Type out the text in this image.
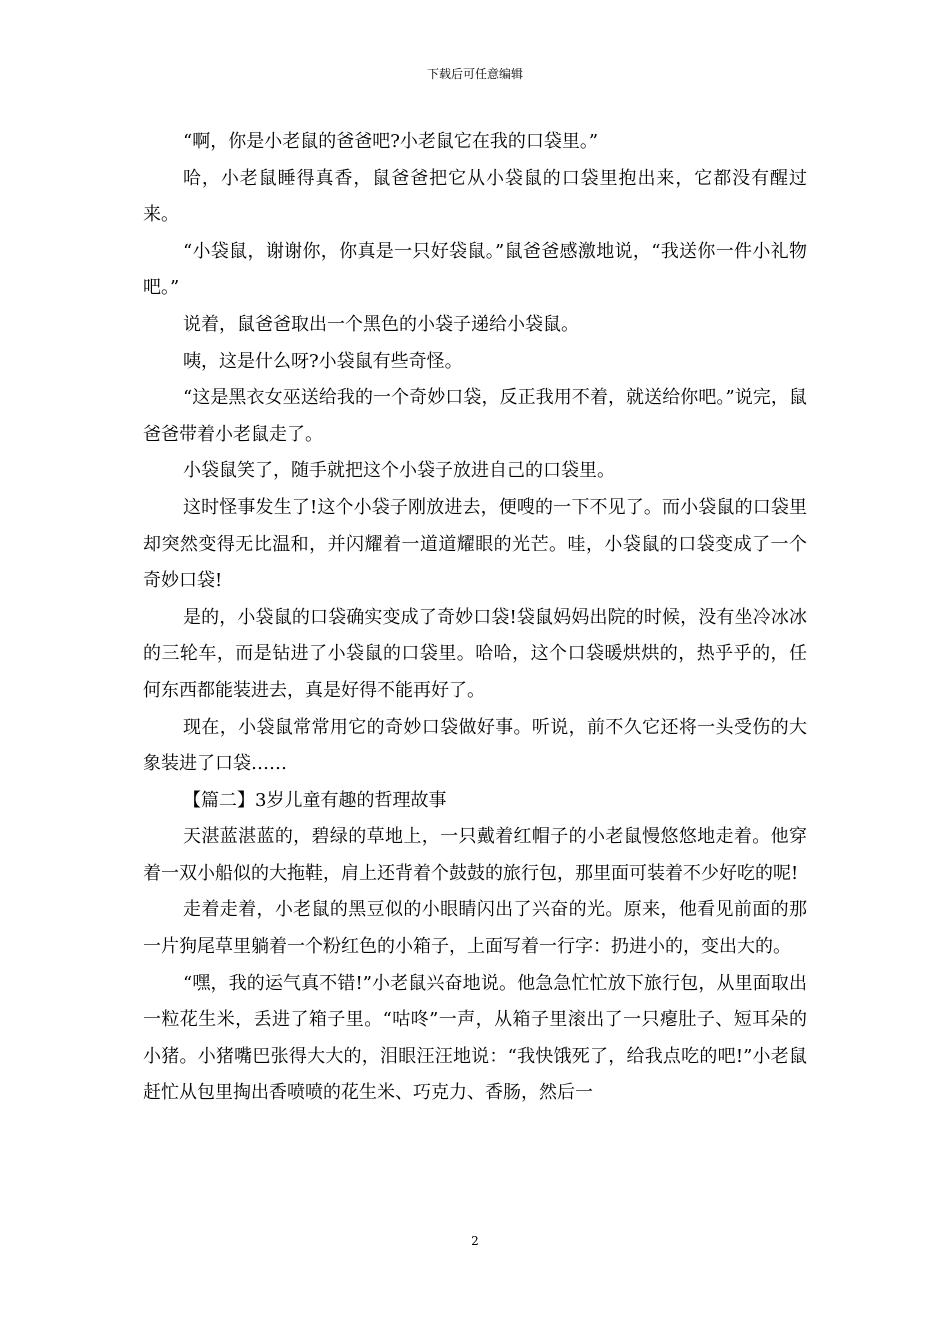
下载后可任意编辑

“啊，你是小老鼠的爸爸吧?小老鼠它在我的口袋里。”

哈，小老鼠睡得真香，鼠爸爸把它从小袋鼠的口袋里抱出来，它都没有醒过来。

“小袋鼠，谢谢你，你真是一只好袋鼠。”鼠爸爸感激地说，“我送你一件小礼物吧。”

说着，鼠爸爸取出一个黑色的小袋子递给小袋鼠。

咦，这是什么呀?小袋鼠有些奇怪。

“这是黑衣女巫送给我的一个奇妙口袋，反正我用不着，就送给你吧。”说完，鼠爸爸带着小老鼠走了。

小袋鼠笑了，随手就把这个小袋子放进自己的口袋里。

这时怪事发生了!这个小袋子刚放进去，便嗖的一下不见了。而小袋鼠的口袋里却突然变得无比温和，并闪耀着一道道耀眼的光芒。哇，小袋鼠的口袋变成了一个奇妙口袋!

是的，小袋鼠的口袋确实变成了奇妙口袋!袋鼠妈妈出院的时候，没有坐冷冰冰的三轮车，而是钻进了小袋鼠的口袋里。哈哈，这个口袋暖烘烘的，热乎乎的，任何东西都能装进去，真是好得不能再好了。

现在，小袋鼠常常用它的奇妙口袋做好事。听说，前不久它还将一头受伤的大象装进了口袋……

【篇二】3岁儿童有趣的哲理故事

天湛蓝湛蓝的，碧绿的草地上，一只戴着红帽子的小老鼠慢悠悠地走着。他穿着一双小船似的大拖鞋，肩上还背着个鼓鼓的旅行包，那里面可装着不少好吃的呢!

走着走着，小老鼠的黑豆似的小眼睛闪出了兴奋的光。原来，他看见前面的那一片狗尾草里躺着一个粉红色的小箱子，上面写着一行字：扔进小的，变出大的。

“嘿，我的运气真不错!”小老鼠兴奋地说。他急急忙忙放下旅行包，从里面取出一粒花生米，丢进了箱子里。“咕咚”一声，从箱子里滚出了一只瘪肚子、短耳朵的小猪。小猪嘴巴张得大大的，泪眼汪汪地说：“我快饿死了，给我点吃的吧!”小老鼠赶忙从包里掏出香喷喷的花生米、巧克力、香肠，然后一

2
